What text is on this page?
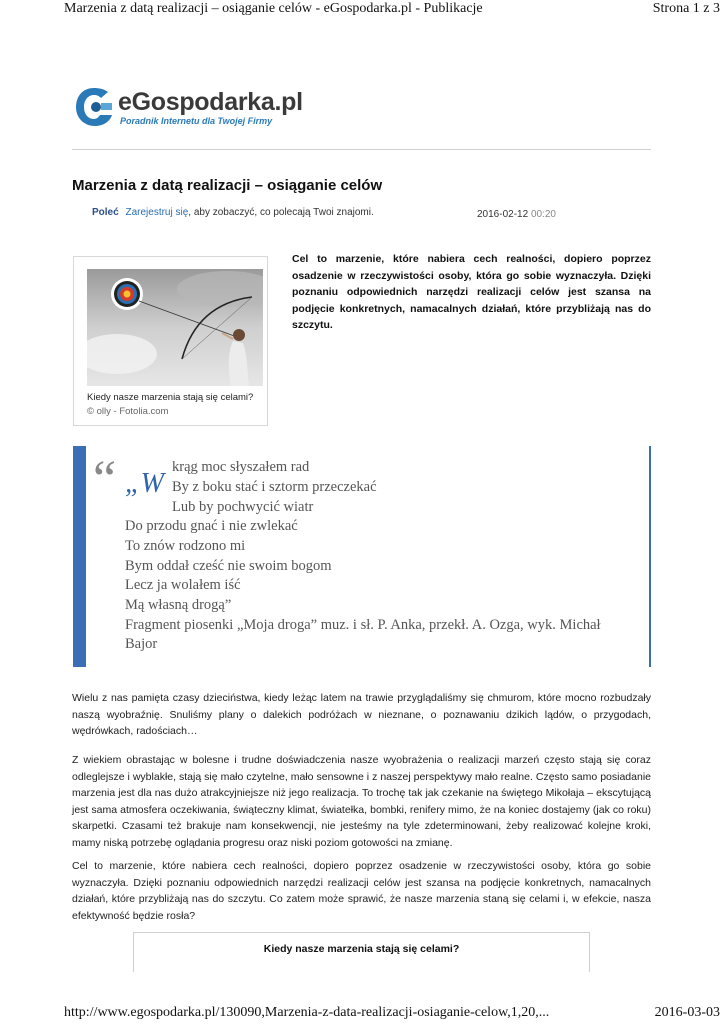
Marzenia z datą realizacji – osiąganie celów - eGospodarka.pl - Publikacje	Strona 1 z 3
eGospodarka.pl
Poradnik Internetu dla Twojej Firmy
Marzenia z datą realizacji – osiąganie celów
Poleć Zarejestruj się, aby zobaczyć, co polecają Twoi znajomi.	2016-02-12 00:20
Kiedy nasze marzenia stają się celami?
© olly - Fotolia.com

Cel to marzenie, które nabiera cech realności, dopiero poprzez osadzenie w rzeczywistości osoby, która go sobie wyznaczyła. Dzięki poznaniu odpowiednich narzędzi realizacji celów jest szansa na podjęcie konkretnych, namacalnych działań, które przybliżają nas do szczytu.

“ „W
krąg moc słyszałem rad
By z boku stać i sztorm przeczekać
Lub by pochwycić wiatr
Do przodu gnać i nie zwlekać
To znów rodzono mi
Bym oddał cześć nie swoim bogom
Lecz ja wolałem iść
Mą własną drogą”
Fragment piosenki „Moja droga” muz. i sł. P. Anka, przekł. A. Ozga, wyk. Michał
Bajor

Wielu z nas pamięta czasy dzieciństwa, kiedy leżąc latem na trawie przyglądaliśmy się chmurom, które mocno rozbudzały naszą wyobraźnię. Snuliśmy plany o dalekich podróżach w nieznane, o poznawaniu dzikich lądów, o przygodach, wędrówkach, radościach…

Z wiekiem obrastając w bolesne i trudne doświadczenia nasze wyobrażenia o realizacji marzeń często stają się coraz odleglejsze i wyblakłe, stają się mało czytelne, mało sensowne i z naszej perspektywy mało realne. Często samo posiadanie marzenia jest dla nas dużo atrakcyjniejsze niż jego realizacja. To trochę tak jak czekanie na świętego Mikołaja – ekscytującą jest sama atmosfera oczekiwania, świąteczny klimat, światełka, bombki, renifery mimo, że na koniec dostajemy (jak co roku) skarpetki. Czasami też brakuje nam konsekwencji, nie jesteśmy na tyle zdeterminowani, żeby realizować kolejne kroki, mamy niską potrzebę oglądania progresu oraz niski poziom gotowości na zmianę.

Cel to marzenie, które nabiera cech realności, dopiero poprzez osadzenie w rzeczywistości osoby, która go sobie wyznaczyła. Dzięki poznaniu odpowiednich narzędzi realizacji celów jest szansa na podjęcie konkretnych, namacalnych działań, które przybliżają nas do szczytu. Co zatem może sprawić, że nasze marzenia staną się celami i, w efekcie, nasza efektywność będzie rosła?

Kiedy nasze marzenia stają się celami?
http://www.egospodarka.pl/130090,Marzenia-z-data-realizacji-osiaganie-celow,1,20,...	2016-03-03
